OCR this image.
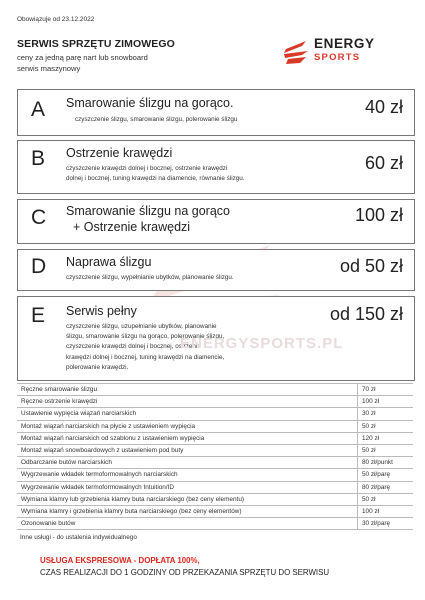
Obowiązuje od 23.12.2022
SERWIS SPRZĘTU ZIMOWEGO
ceny za jedną parę nart lub snowboard
serwis maszynowy
ENERGY
SPORTS
A Smarowanie ślizgu na gorąco.
czyszczenie ślizgu, smarowanie ślizgu, polerowanie ślizgu
40 zł
B Ostrzenie krawędzi
czyszczenie krawędzi dolnej i bocznej, ostrzenie krawędzi
dolnej i bocznej, tuning krawędzi na diamencie, równanie ślizgu.
60 zł
C Smarowanie ślizgu na gorąco
+ Ostrzenie krawędzi
100 zł
D Naprawa ślizgu
czyszczenie ślizgu, wypełnianie ubytków, planowanie ślizgu.
od 50 zł
E Serwis pełny
czyszczenie ślizgu, uzupełnianie ubytków, planowanie
ślizgu, smarowanie ślizgu na gorąco, polerowanie ślizgu,
czyszczenie krawędzi dolnej i bocznej, ostrzenie
krawędzi dolnej i bocznej, tuning krawędzi na diamencie,
polerowanie krawędzi.
od 150 zł
ENERGYSPORTS.PL
Ręczne smarowanie ślizgu	70 zł
Ręczne ostrzenie krawędzi	100 zł
Ustawienie wypięcia wiązań narciarskich	30 zł
Montaż wiązań narciarskich na płycie z ustawieniem wypięcia	50 zł
Montaż wiązań narciarskich od szablonu z ustawieniem wypięcia	120 zł
Montaż wiązań snowboardowych z ustawieniem pod buty	50 zł
Odbarczanie butów narciarskich	80 zł/punkt
Wygrzewanie wkładek termoformowalnych narciarskich	50 zł/parę
Wygrzewanie wkładek termoformowalnych Intuition/ID	80 zł/parę
Wymiana klamry lub grzebienia klamry buta narciarskiego (bez ceny elementu)	50 zł
Wymiana klamry i grzebienia klamry buta narciarskiego (bez ceny elementów)	100 zł
Ozonowanie butów	30 zł/parę
Inne usługi - do ustalenia indywidualnego
USŁUGA EKSPRESOWA - DOPŁATA 100%,
CZAS REALIZACJI DO 1 GODZINY OD PRZEKAZANIA SPRZĘTU DO SERWISU
